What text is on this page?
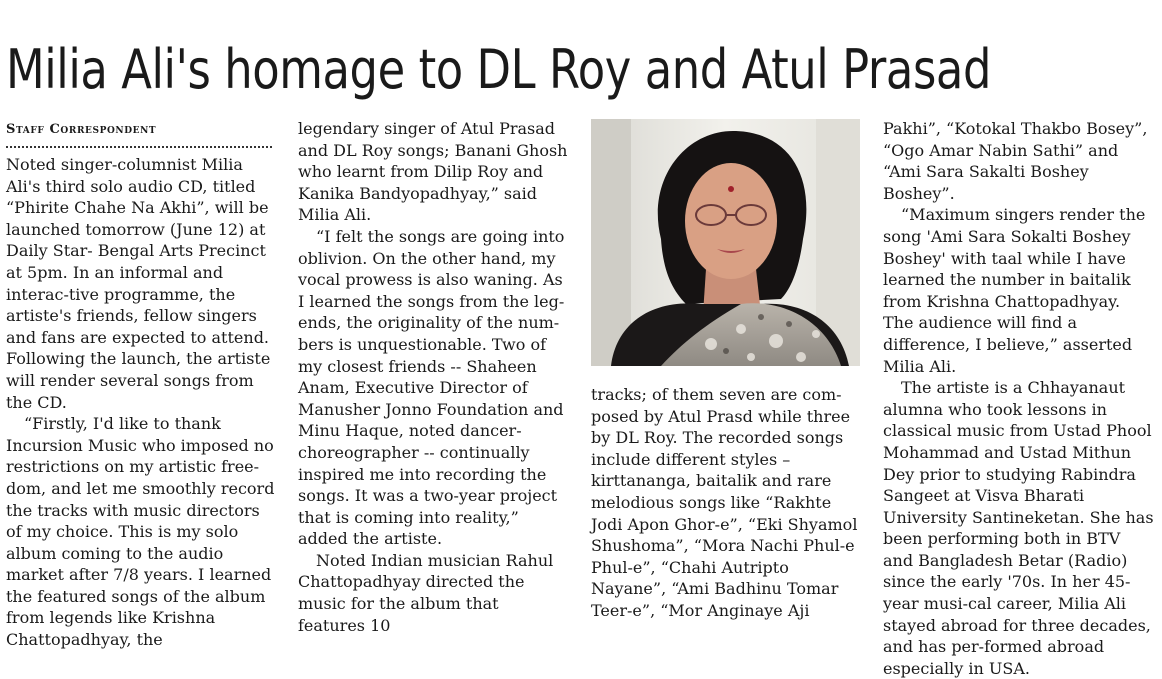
Milia Ali's homage to DL Roy and Atul Prasad
Staff Correspondent

Noted singer-columnist Milia Ali's third solo audio CD, titled “Phirite Chahe Na Akhi”, will be launched tomorrow (June 12) at Daily Star- Bengal Arts Precinct at 5pm. In an informal and interac-tive programme, the artiste's friends, fellow singers and fans are expected to attend. Following the launch, the artiste will render several songs from the CD.

“Firstly, I'd like to thank Incursion Music who imposed no restrictions on my artistic free-dom, and let me smoothly record the tracks with music directors of my choice. This is my solo album coming to the audio market after 7/8 years. I learned the featured songs of the album from legends like Krishna Chattopadhyay, the

legendary singer of Atul Prasad and DL Roy songs; Banani Ghosh who learnt from Dilip Roy and Kanika Bandyopadhyay,” said Milia Ali.

“I felt the songs are going into oblivion. On the other hand, my vocal prowess is also waning. As I learned the songs from the leg-ends, the originality of the num-bers is unquestionable. Two of my closest friends -- Shaheen Anam, Executive Director of Manusher Jonno Foundation and Minu Haque, noted dancer-choreographer -- continually inspired me into recording the songs. It was a two-year project that is coming into reality,” added the artiste.

Noted Indian musician Rahul Chattopadhyay directed the music for the album that features 10

tracks; of them seven are com-posed by Atul Prasd while three by DL Roy. The recorded songs include different styles – kirttananga, baitalik and rare melodious songs like “Rakhte Jodi Apon Ghor-e”, “Eki Shyamol Shushoma”, “Mora Nachi Phul-e Phul-e”, “Chahi Autripto Nayane”, “Ami Badhinu Tomar Teer-e”, “Mor Anginaye Aji

Pakhi”, “Kotokal Thakbo Bosey”, “Ogo Amar Nabin Sathi” and “Ami Sara Sakalti Boshey Boshey”.

“Maximum singers render the song 'Ami Sara Sokalti Boshey Boshey' with taal while I have learned the number in baitalik from Krishna Chattopadhyay. The audience will find a difference, I believe,” asserted Milia Ali.

The artiste is a Chhayanaut alumna who took lessons in classical music from Ustad Phool Mohammad and Ustad Mithun Dey prior to studying Rabindra Sangeet at Visva Bharati University Santineketan. She has been performing both in BTV and Bangladesh Betar (Radio) since the early '70s. In her 45-year musi-cal career, Milia Ali stayed abroad for three decades, and has per-formed abroad especially in USA.
